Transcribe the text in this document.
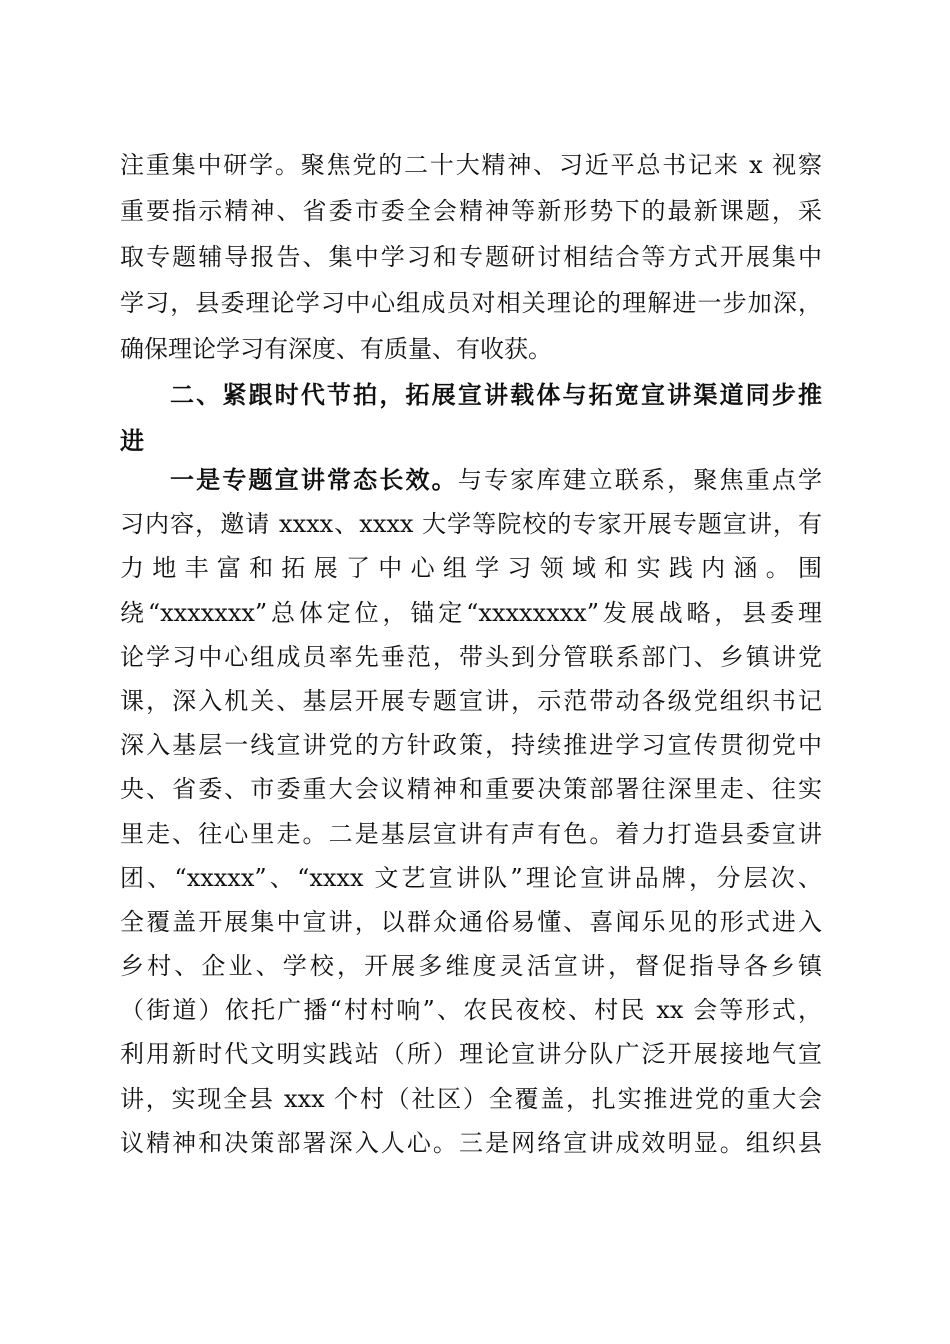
注重集中研学。聚焦党的二十大精神、习近平总书记来 x 视察
重要指示精神、省委市委全会精神等新形势下的最新课题，采
取专题辅导报告、集中学习和专题研讨相结合等方式开展集中
学习，县委理论学习中心组成员对相关理论的理解进一步加深，
确保理论学习有深度、有质量、有收获。
二、紧跟时代节拍，拓展宣讲载体与拓宽宣讲渠道同步推
进
一是专题宣讲常态长效。与专家库建立联系，聚焦重点学
习内容，邀请 xxxx、xxxx 大学等院校的专家开展专题宣讲，有
力地丰富和拓展了中心组学习领域和实践内涵。围
绕“xxxxxxx”总体定位，锚定“xxxxxxxx”发展战略，县委理
论学习中心组成员率先垂范，带头到分管联系部门、乡镇讲党
课，深入机关、基层开展专题宣讲，示范带动各级党组织书记
深入基层一线宣讲党的方针政策，持续推进学习宣传贯彻党中
央、省委、市委重大会议精神和重要决策部署往深里走、往实
里走、往心里走。二是基层宣讲有声有色。着力打造县委宣讲
团、“xxxxx”、“xxxx 文艺宣讲队”理论宣讲品牌，分层次、
全覆盖开展集中宣讲，以群众通俗易懂、喜闻乐见的形式进入
乡村、企业、学校，开展多维度灵活宣讲，督促指导各乡镇
（街道）依托广播“村村响”、农民夜校、村民 xx 会等形式，
利用新时代文明实践站（所）理论宣讲分队广泛开展接地气宣
讲，实现全县 xxx 个村（社区）全覆盖，扎实推进党的重大会
议精神和决策部署深入人心。三是网络宣讲成效明显。组织县
